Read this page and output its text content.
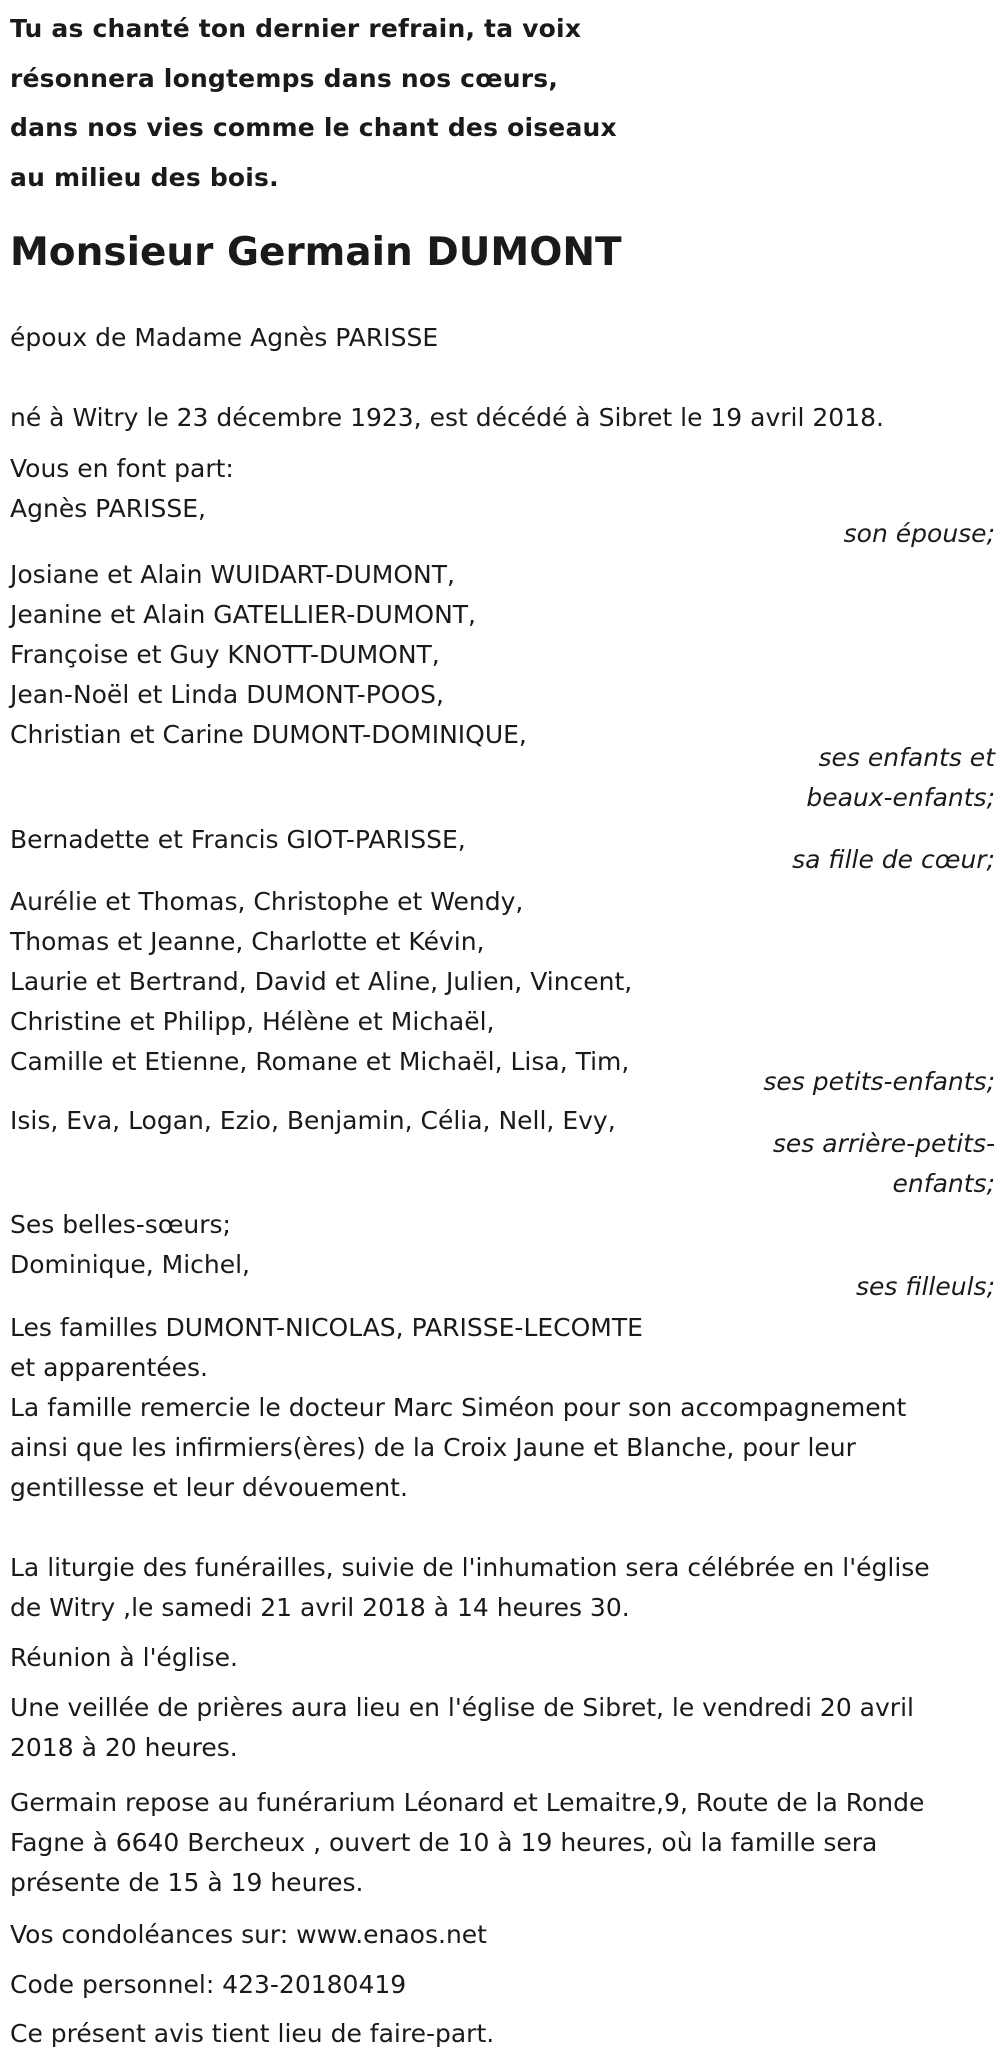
Tu as chanté ton dernier refrain, ta voix
résonnera longtemps dans nos cœurs,
dans nos vies comme le chant des oiseaux
au milieu des bois.
Monsieur Germain DUMONT
époux de Madame Agnès PARISSE
né à Witry le 23 décembre 1923, est décédé à Sibret le 19 avril 2018.
Vous en font part:
Agnès PARISSE,
son épouse;
Josiane et Alain WUIDART-DUMONT,
Jeanine et Alain GATELLIER-DUMONT,
Françoise et Guy KNOTT-DUMONT,
Jean-Noël et Linda DUMONT-POOS,
Christian et Carine DUMONT-DOMINIQUE,
ses enfants et
beaux-enfants;
Bernadette et Francis GIOT-PARISSE,
sa fille de cœur;
Aurélie et Thomas, Christophe et Wendy,
Thomas et Jeanne, Charlotte et Kévin,
Laurie et Bertrand, David et Aline, Julien, Vincent,
Christine et Philipp, Hélène et Michaël,
Camille et Etienne, Romane et Michaël, Lisa, Tim,
ses petits-enfants;
Isis, Eva, Logan, Ezio, Benjamin, Célia, Nell, Evy,
ses arrière-petits-
enfants;
Ses belles-sœurs;
Dominique, Michel,
ses filleuls;
Les familles DUMONT-NICOLAS, PARISSE-LECOMTE
et apparentées.
La famille remercie le docteur Marc Siméon pour son accompagnement
ainsi que les infirmiers(ères) de la Croix Jaune et Blanche, pour leur
gentillesse et leur dévouement.
La liturgie des funérailles, suivie de l'inhumation sera célébrée en l'église
de Witry ,le samedi 21 avril 2018 à 14 heures 30.
Réunion à l'église.
Une veillée de prières aura lieu en l'église de Sibret, le vendredi 20 avril
2018 à 20 heures.
Germain repose au funérarium Léonard et Lemaitre,9, Route de la Ronde
Fagne à 6640 Bercheux , ouvert de 10 à 19 heures, où la famille sera
présente de 15 à 19 heures.
Vos condoléances sur: www.enaos.net
Code personnel: 423-20180419
Ce présent avis tient lieu de faire-part.
